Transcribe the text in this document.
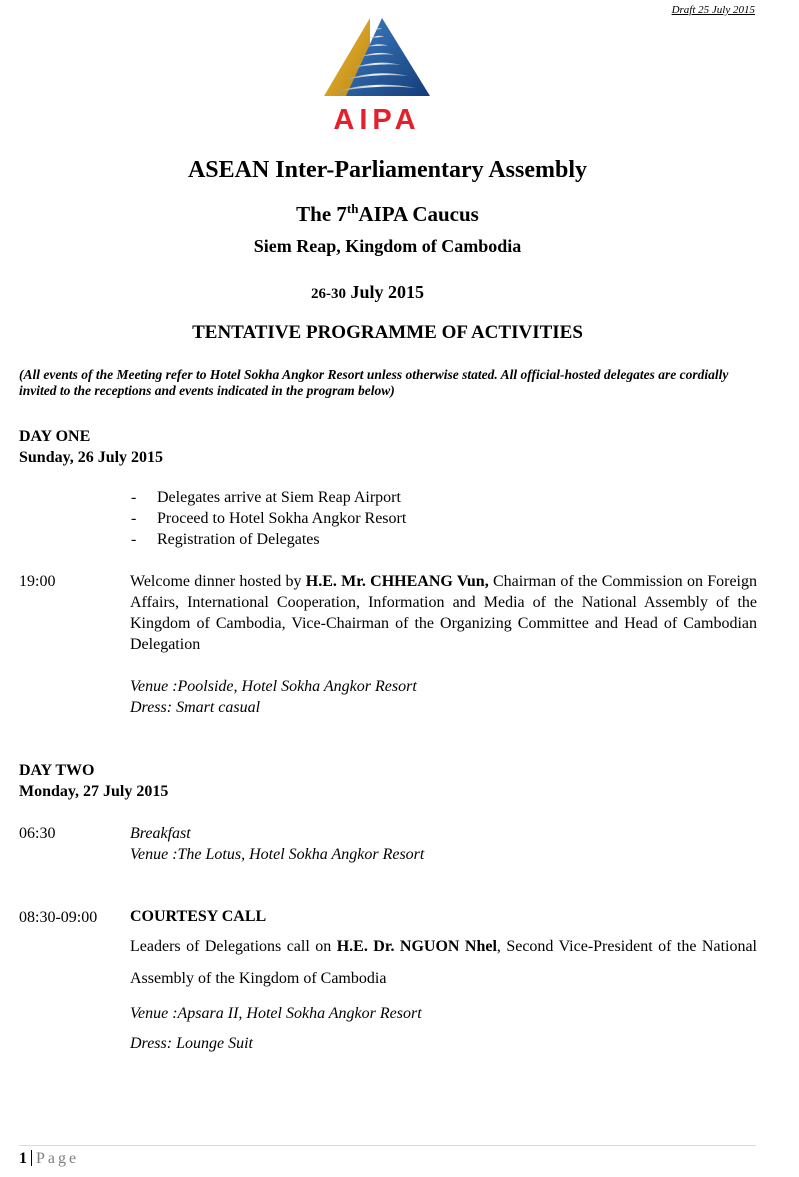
Draft 25 July 2015
AIPA
ASEAN Inter-Parliamentary Assembly
The 7thAIPA Caucus
Siem Reap, Kingdom of Cambodia
26-30 July 2015
TENTATIVE PROGRAMME OF ACTIVITIES
(All events of the Meeting refer to Hotel Sokha Angkor Resort unless otherwise stated. All official-hosted delegates are cordially invited to the receptions and events indicated in the program below)
DAY ONE
Sunday, 26 July 2015
-	Delegates arrive at Siem Reap Airport
-	Proceed to Hotel Sokha Angkor Resort
-	Registration of Delegates
19:00	Welcome dinner hosted by H.E. Mr. CHHEANG Vun, Chairman of the Commission on Foreign Affairs, International Cooperation, Information and Media of the National Assembly of the Kingdom of Cambodia, Vice-Chairman of the Organizing Committee and Head of Cambodian Delegation
Venue :Poolside, Hotel Sokha Angkor Resort
Dress: Smart casual
DAY TWO
Monday, 27 July 2015
06:30	Breakfast
Venue :The Lotus, Hotel Sokha Angkor Resort
08:30-09:00 COURTESY CALL
Leaders of Delegations call on H.E. Dr. NGUON Nhel, Second Vice-President of the National Assembly of the Kingdom of Cambodia
Venue :Apsara II, Hotel Sokha Angkor Resort
Dress: Lounge Suit
1 Page
